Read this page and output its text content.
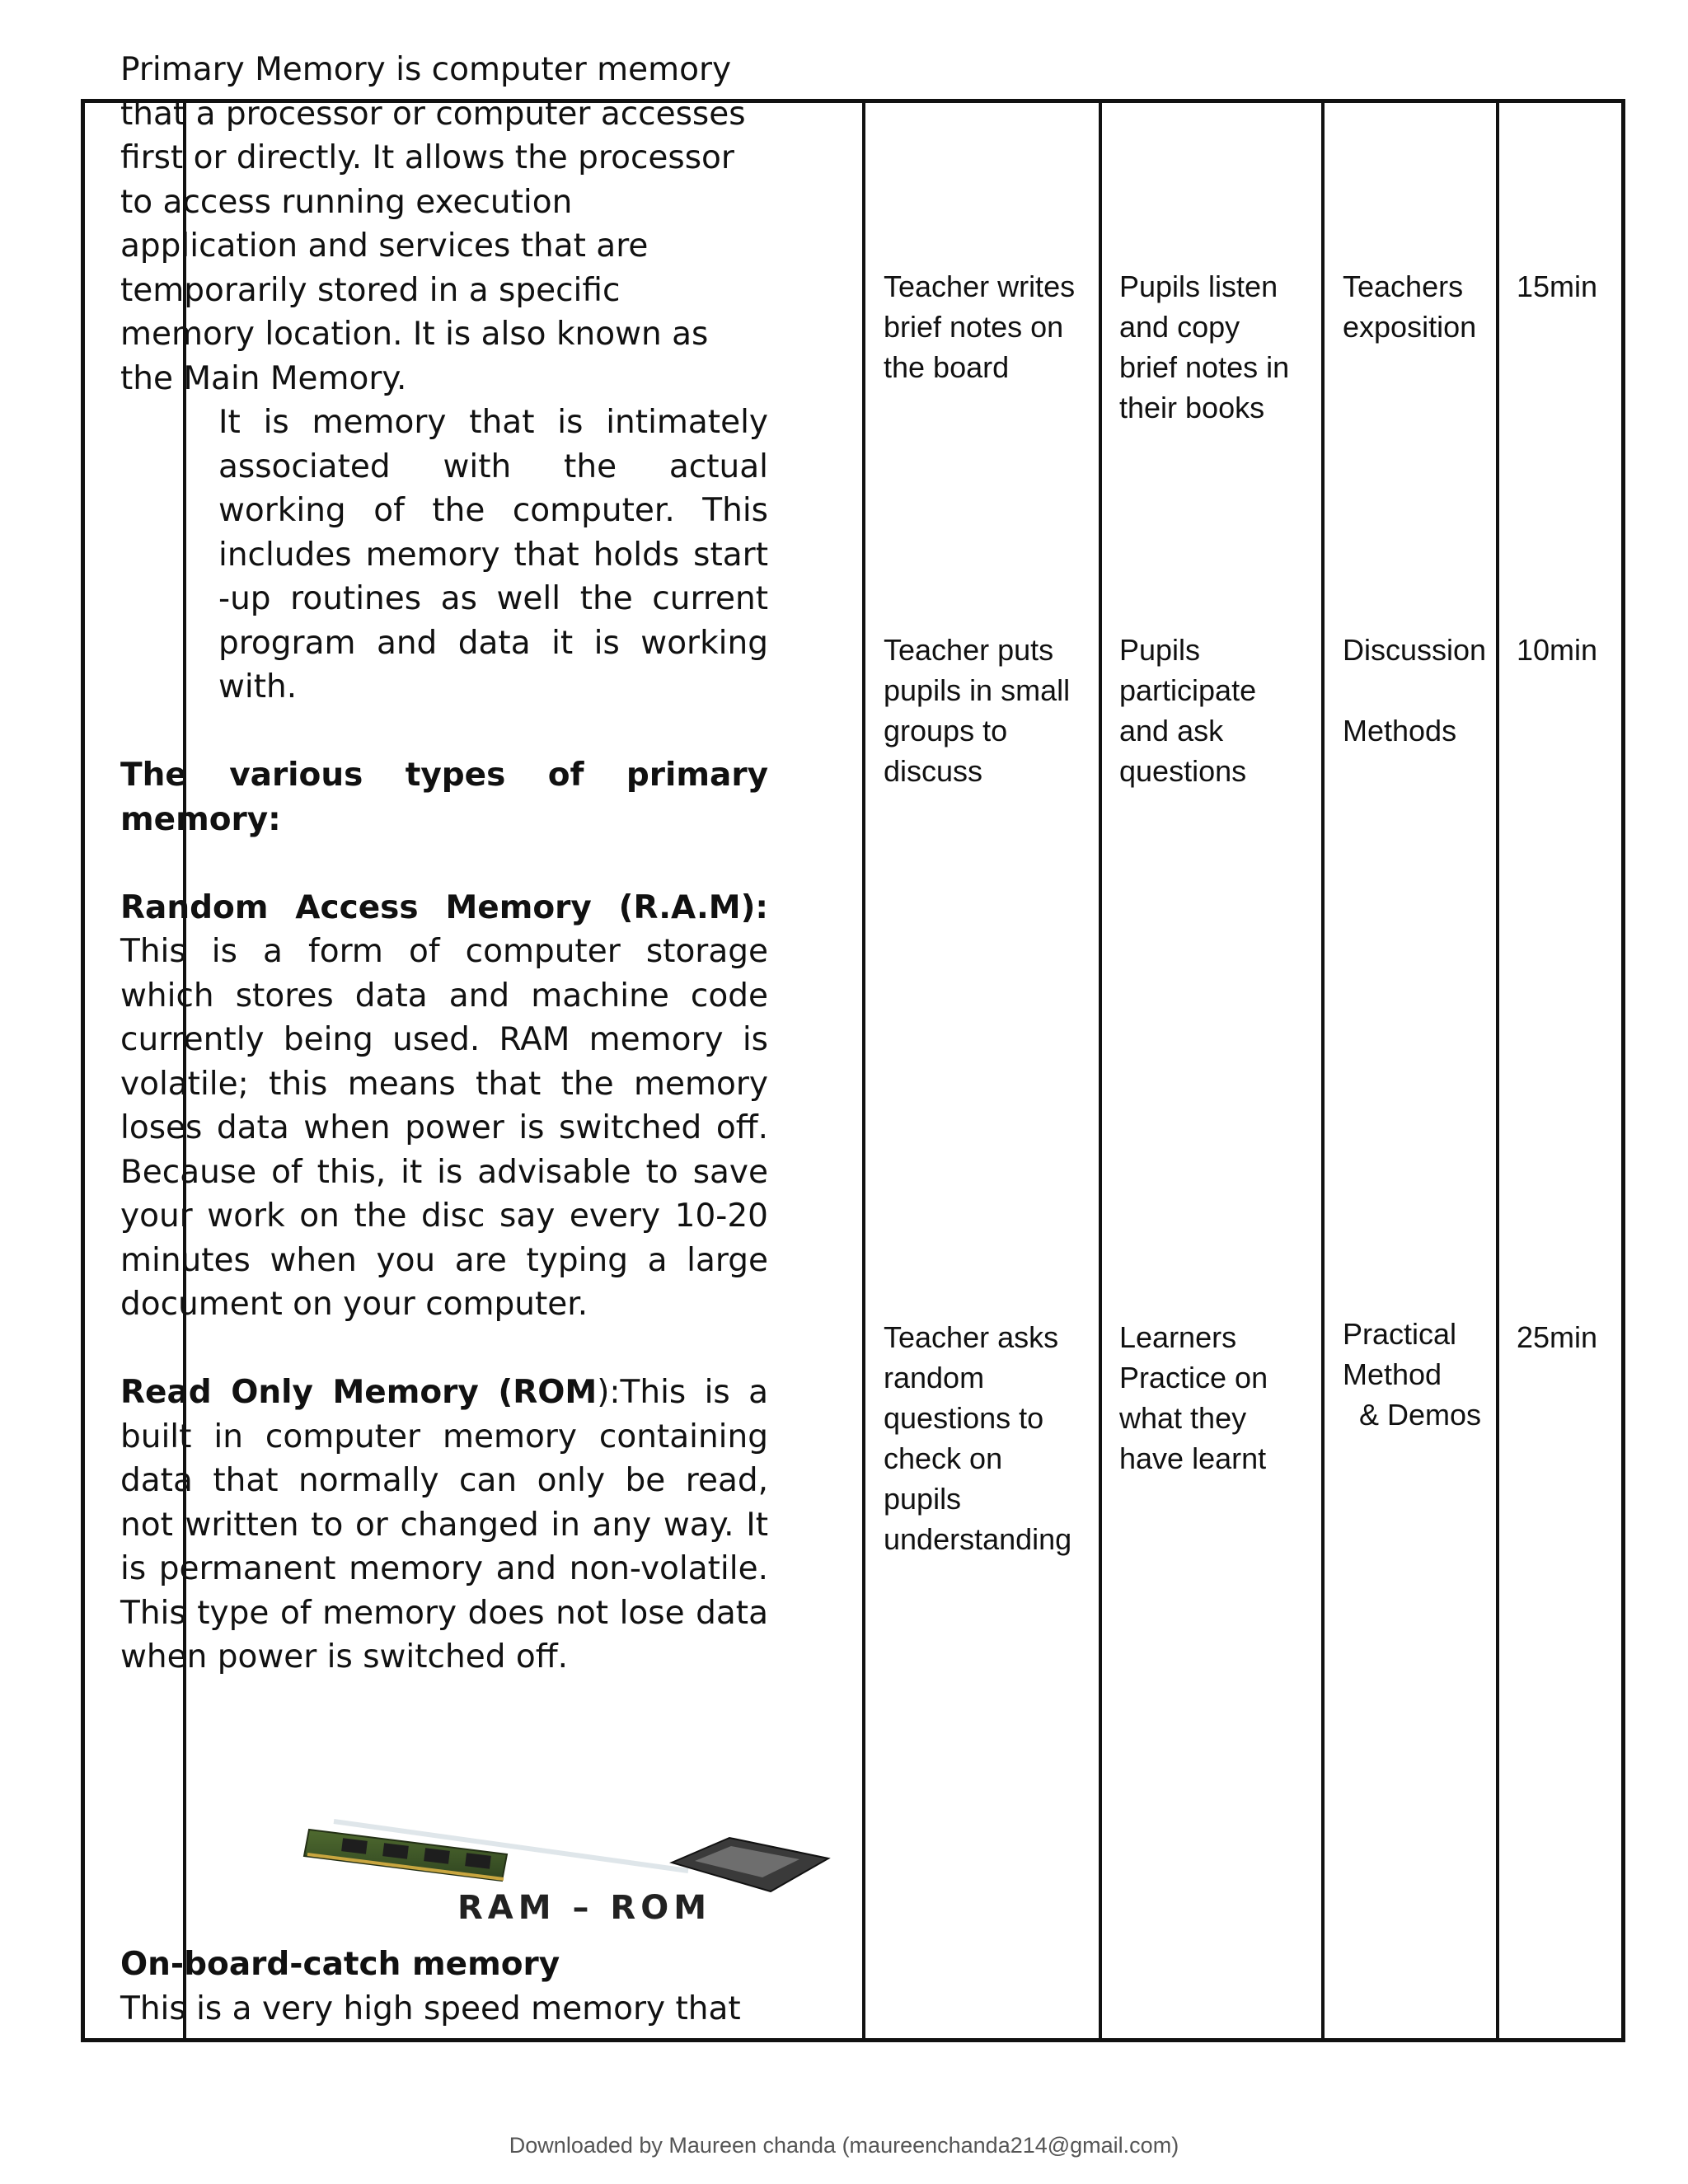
Primary Memory is computer memory

that a processor or computer accesses

first or directly. It allows the processor

to access running execution

application and services that are

temporarily stored in a specific

memory location. It is also known as

the Main Memory.

It is memory that is intimately associated with the actual working of the computer. This includes memory that holds start -up routines as well the current program and data it is working with.

The various types of primary memory:

Random Access Memory (R.A.M): This is a form of computer storage which stores data and machine code currently being used. RAM memory is volatile; this means that the memory loses data when power is switched off. Because of this, it is advisable to save your work on the disc say every 10-20 minutes when you are typing a large document on your computer.

Read Only Memory (ROM):This is a built in computer memory containing data that normally can only be read, not written to or changed in any way. It is permanent memory and non-volatile. This type of memory does not lose data when power is switched off.

RAM – ROM

On-board-catch memory

This is a very high speed memory that

Teacher writes
brief notes on
the board
Pupils listen
and copy
brief notes in
their books
Teachers
exposition
15min
Teacher puts
pupils in small
groups to
discuss
Pupils
participate
and ask
questions
Discussion
Methods
10min
Teacher asks
random
questions to
check on
pupils
understanding
Learners
Practice on
what they
have learnt
Practical
Method
& Demos
25min
Downloaded by Maureen chanda (maureenchanda214@gmail.com)
